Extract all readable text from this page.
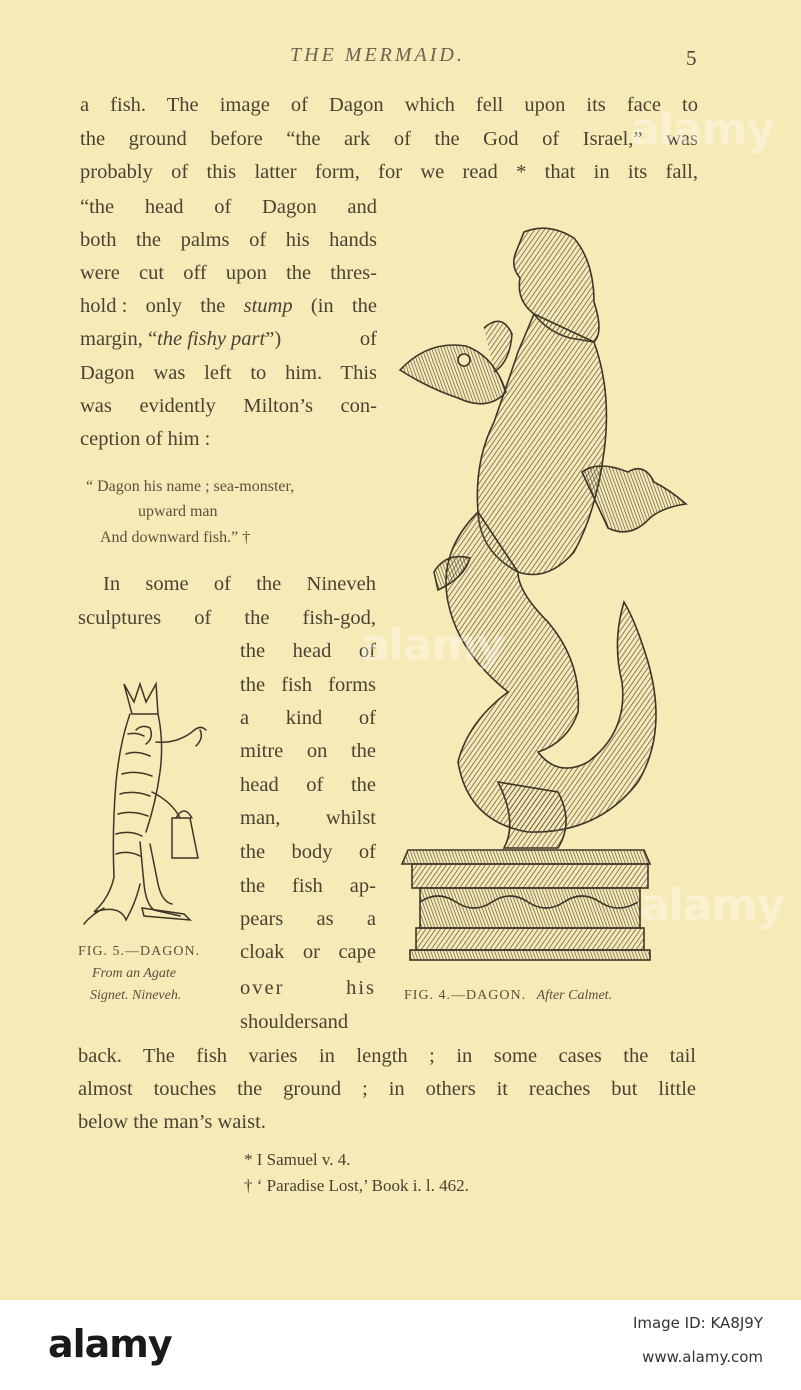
THE MERMAID.	5
a fish. The image of Dagon which fell upon its face to
the ground before “the ark of the God of Israel,” was
probably of this latter form, for we read * that in its fall,
“the head of Dagon and
both the palms of his hands
were cut off upon the thres-
hold : only the stump (in the
margin, “the fishy part”)	of
Dagon was left to him. This
was evidently Milton’s con-
ception of him :
“ Dagon his name ; sea-monster,
upward man
And downward fish.” †
In some of the Nineveh
sculptures of the fish-god,
the head of
the fish forms
a kind of
mitre on the
head of the
man, whilst
the body of
the fish ap-
pears as a
cloak or cape
over his
shouldersand
back. The fish varies in length ; in some cases the tail
almost touches the ground ; in others it reaches but little
below the man’s waist.
FIG. 5.—DAGON.
From an Agate
Signet. Nineveh.	FIG. 4.—DAGON. After Calmet.
* I Samuel v. 4.
† ‘ Paradise Lost,’ Book i. l. 462.
alamy
alamy
alamy
alamy	Image ID: KA8J9Y
www.alamy.com
